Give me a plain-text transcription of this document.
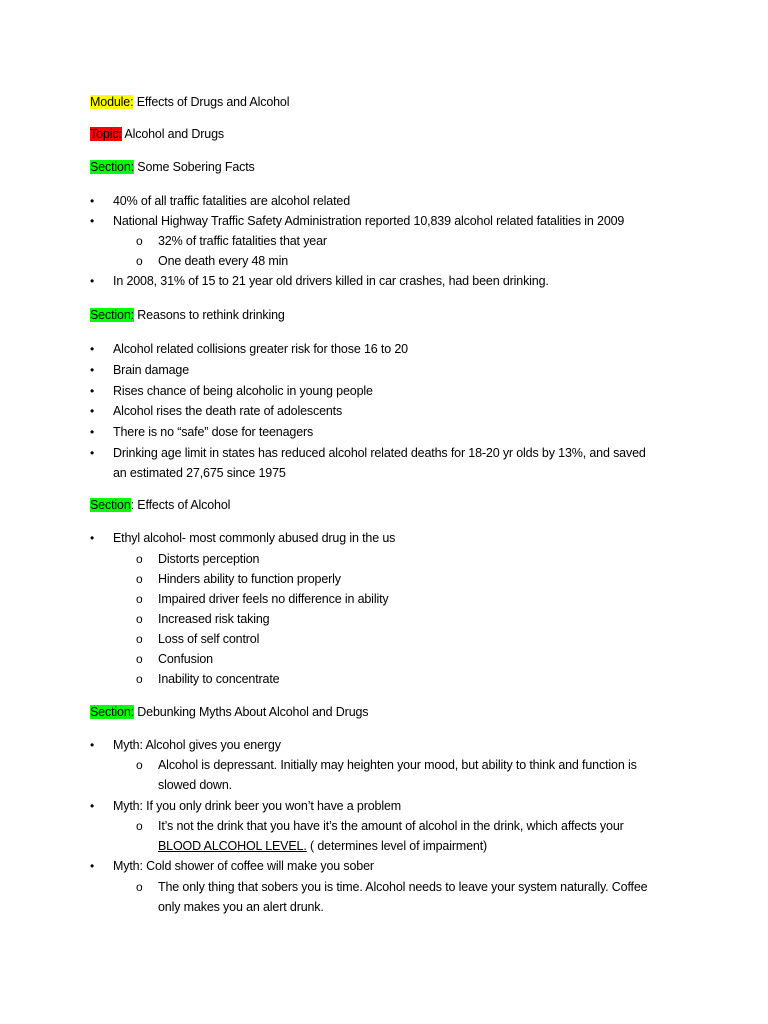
Module: Effects of Drugs and Alcohol
Topic: Alcohol and Drugs
Section: Some Sobering Facts
•	40% of all traffic fatalities are alcohol related
•	National Highway Traffic Safety Administration reported 10,839 alcohol related fatalities in 2009
o 32% of traffic fatalities that year
o One death every 48 min
•	In 2008, 31% of 15 to 21 year old drivers killed in car crashes, had been drinking.
Section: Reasons to rethink drinking
•	Alcohol related collisions greater risk for those 16 to 20
•	Brain damage
•	Rises chance of being alcoholic in young people
•	Alcohol rises the death rate of adolescents
•	There is no “safe” dose for teenagers
•	Drinking age limit in states has reduced alcohol related deaths for 18-20 yr olds by 13%, and saved
an estimated 27,675 since 1975
Section: Effects of Alcohol
•	Ethyl alcohol- most commonly abused drug in the us
o Distorts perception
o Hinders ability to function properly
o Impaired driver feels no difference in ability
o Increased risk taking
o Loss of self control
o Confusion
o Inability to concentrate
Section: Debunking Myths About Alcohol and Drugs
•	Myth: Alcohol gives you energy
o Alcohol is depressant. Initially may heighten your mood, but ability to think and function is
slowed down.
•	Myth: If you only drink beer you won’t have a problem
o It’s not the drink that you have it’s the amount of alcohol in the drink, which affects your
BLOOD ALCOHOL LEVEL. ( determines level of impairment)
•	Myth: Cold shower of coffee will make you sober
o The only thing that sobers you is time. Alcohol needs to leave your system naturally. Coffee
only makes you an alert drunk.
